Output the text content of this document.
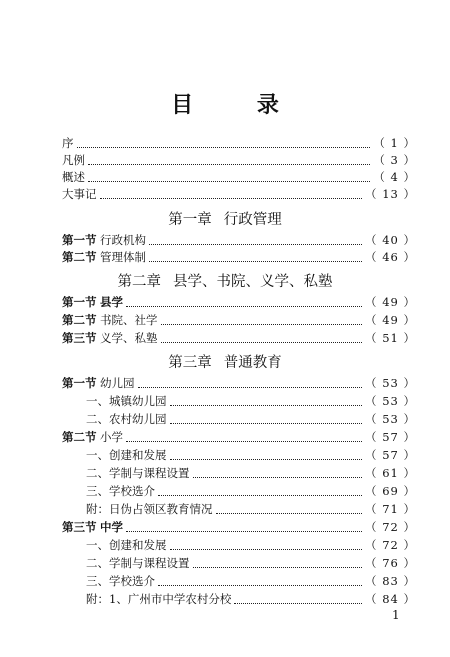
目 录
序	（ 1 ）
凡例	（ 3 ）
概述	（ 4 ）
大事记	（ 13 ）
第一章 行政管理
第一节 行政机构	（ 40 ）
第二节 管理体制	（ 46 ）
第二章 县学、书院、义学、私塾
第一节 县学	（ 49 ）
第二节 书院、社学	（ 49 ）
第三节 义学、私塾	（ 51 ）
第三章 普通教育
第一节 幼儿园	（ 53 ）
一、城镇幼儿园	（ 53 ）
二、农村幼儿园	（ 53 ）
第二节 小学	（ 57 ）
一、创建和发展	（ 57 ）
二、学制与课程设置	（ 61 ）
三、学校选介	（ 69 ）
附：日伪占领区教育情况	（ 71 ）
第三节 中学	（ 72 ）
一、创建和发展	（ 72 ）
二、学制与课程设置	（ 76 ）
三、学校选介	（ 83 ）
附：1、广州市中学农村分校	（ 84 ）
1
